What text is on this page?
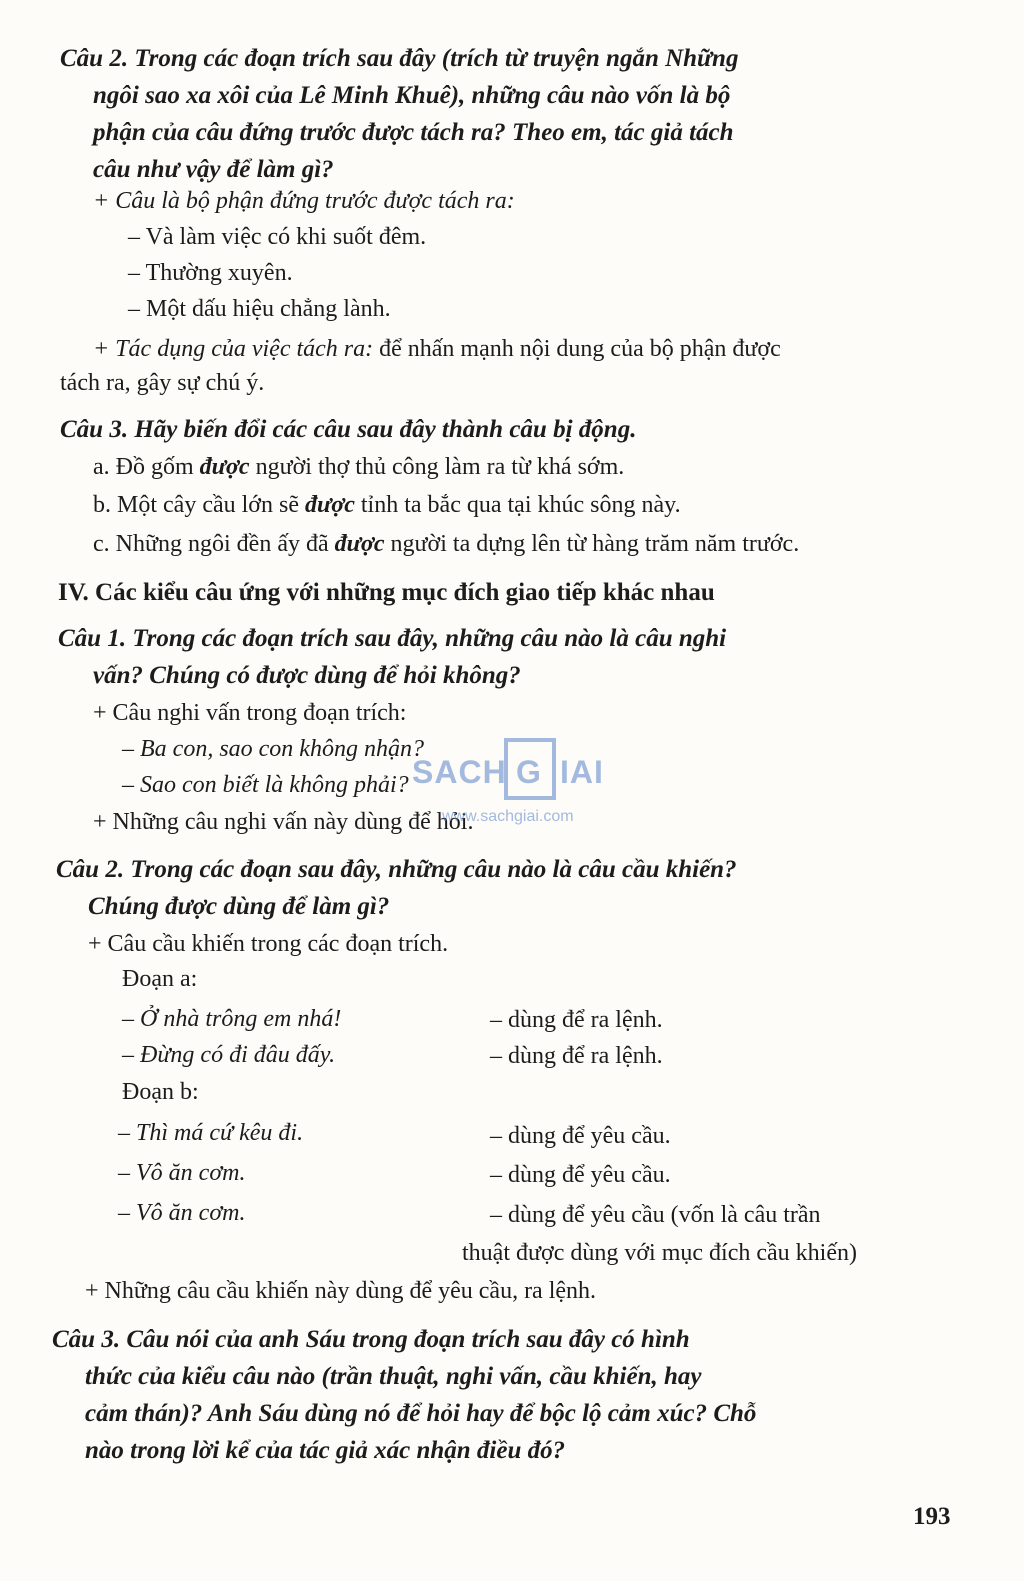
Câu 2. Trong các đoạn trích sau đây (trích từ truyện ngắn Những
ngôi sao xa xôi của Lê Minh Khuê), những câu nào vốn là bộ
phận của câu đứng trước được tách ra? Theo em, tác giả tách
câu như vậy để làm gì?
+ Câu là bộ phận đứng trước được tách ra:
– Và làm việc có khi suốt đêm.
– Thường xuyên.
– Một dấu hiệu chẳng lành.
+ Tác dụng của việc tách ra: để nhấn mạnh nội dung của bộ phận được
tách ra, gây sự chú ý.
Câu 3. Hãy biến đổi các câu sau đây thành câu bị động.
a. Đồ gốm được người thợ thủ công làm ra từ khá sớm.
b. Một cây cầu lớn sẽ được tỉnh ta bắc qua tại khúc sông này.
c. Những ngôi đền ấy đã được người ta dựng lên từ hàng trăm năm trước.
IV. Các kiểu câu ứng với những mục đích giao tiếp khác nhau
Câu 1. Trong các đoạn trích sau đây, những câu nào là câu nghi
vấn? Chúng có được dùng để hỏi không?
+ Câu nghi vấn trong đoạn trích:
– Ba con, sao con không nhận?
– Sao con biết là không phải?
+ Những câu nghi vấn này dùng để hỏi.
Câu 2. Trong các đoạn sau đây, những câu nào là câu cầu khiến?
Chúng được dùng để làm gì?
+ Câu cầu khiến trong các đoạn trích.
Đoạn a:
– Ở nhà trông em nhá!	– dùng để ra lệnh.
– Đừng có đi đâu đấy.	– dùng để ra lệnh.
Đoạn b:
– Thì má cứ kêu đi.	– dùng để yêu cầu.
– Vô ăn cơm.	– dùng để yêu cầu.
– Vô ăn cơm.	– dùng để yêu cầu (vốn là câu trần
thuật được dùng với mục đích cầu khiến)
+ Những câu cầu khiến này dùng để yêu cầu, ra lệnh.
Câu 3. Câu nói của anh Sáu trong đoạn trích sau đây có hình
thức của kiểu câu nào (trần thuật, nghi vấn, cầu khiến, hay
cảm thán)? Anh Sáu dùng nó để hỏi hay để bộc lộ cảm xúc? Chỗ
nào trong lời kể của tác giả xác nhận điều đó?
SACH G IAI
www.sachgiai.com
193
